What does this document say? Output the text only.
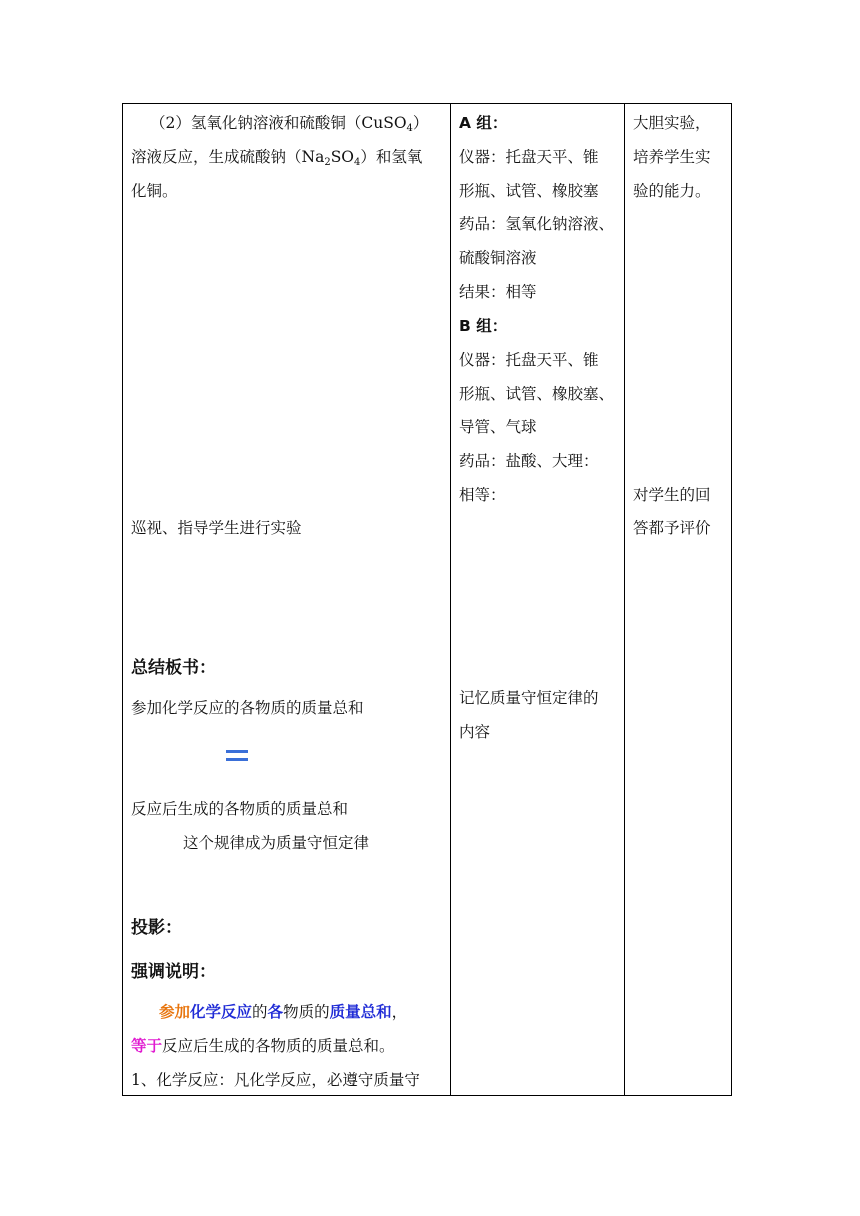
（2）氢氧化钠溶液和硫酸铜（CuSO$_4$）
溶液反应，生成硫酸钠$(Na_2SO_4)$和氢氧
化铜。
巡视、指导学生进行实验
总结板书：
参加化学反应的各物质的质量总和
反应后生成的各物质的质量总和
这个规律成为质量守恒定律
投影：
强调说明：
参加化学反应的各物质的质量总和，
等于反应后生成的各物质的质量总和。
1、化学反应：凡化学反应，必遵守质量守
A 组：
仪器：托盘天平、锥
形瓶、试管、橡胶塞
药品：氢氧化钠溶液、
硫酸铜溶液
结果：相等
B 组：
仪器：托盘天平、锥
形瓶、试管、橡胶塞、
导管、气球
药品：盐酸、大理：
相等：
记忆质量守恒定律的
内容
大胆实验，
培养学生实
验的能力。
对学生的回
答都予评价
